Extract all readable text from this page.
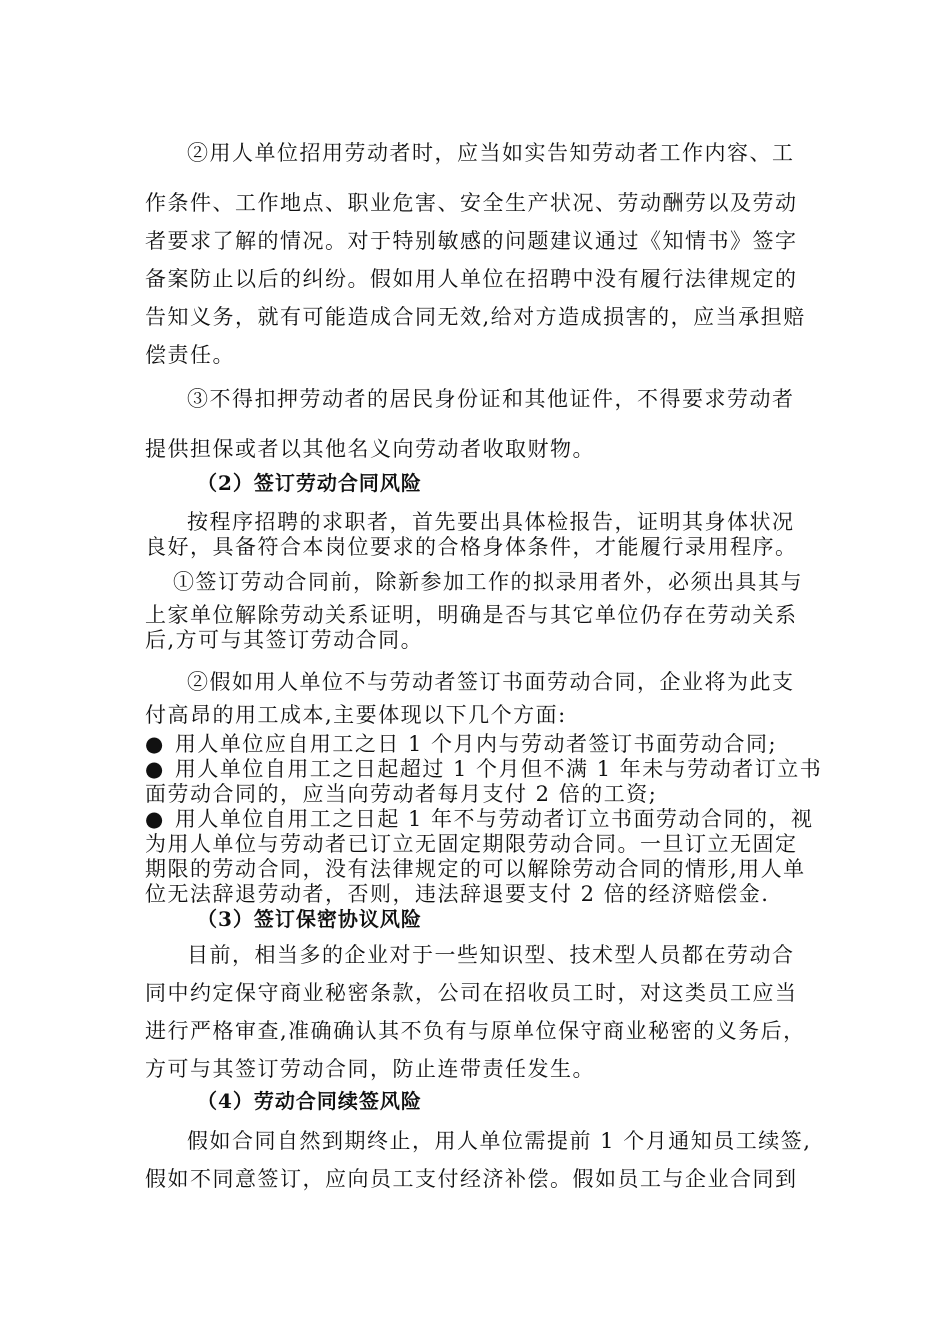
②用人单位招用劳动者时，应当如实告知劳动者工作内容、工
作条件、工作地点、职业危害、安全生产状况、劳动酬劳以及劳动
者要求了解的情况。对于特别敏感的问题建议通过《知情书》签字
备案防止以后的纠纷。假如用人单位在招聘中没有履行法律规定的
告知义务，就有可能造成合同无效,给对方造成损害的，应当承担赔
偿责任。
③不得扣押劳动者的居民身份证和其他证件，不得要求劳动者
提供担保或者以其他名义向劳动者收取财物。
（2）签订劳动合同风险
按程序招聘的求职者，首先要出具体检报告，证明其身体状况
良好，具备符合本岗位要求的合格身体条件，才能履行录用程序。
①签订劳动合同前，除新参加工作的拟录用者外，必须出具其与
上家单位解除劳动关系证明，明确是否与其它单位仍存在劳动关系
后,方可与其签订劳动合同。
②假如用人单位不与劳动者签订书面劳动合同，企业将为此支
付高昂的用工成本,主要体现以下几个方面:
● 用人单位应自用工之日 1 个月内与劳动者签订书面劳动合同;
● 用人单位自用工之日起超过 1 个月但不满 1 年未与劳动者订立书
面劳动合同的，应当向劳动者每月支付 2 倍的工资;
● 用人单位自用工之日起 1 年不与劳动者订立书面劳动合同的，视
为用人单位与劳动者已订立无固定期限劳动合同。一旦订立无固定
期限的劳动合同，没有法律规定的可以解除劳动合同的情形,用人单
位无法辞退劳动者，否则，违法辞退要支付 2 倍的经济赔偿金.
（3）签订保密协议风险
目前，相当多的企业对于一些知识型、技术型人员都在劳动合
同中约定保守商业秘密条款，公司在招收员工时，对这类员工应当
进行严格审查,准确确认其不负有与原单位保守商业秘密的义务后，
方可与其签订劳动合同，防止连带责任发生。
（4）劳动合同续签风险
假如合同自然到期终止，用人单位需提前 1 个月通知员工续签,
假如不同意签订，应向员工支付经济补偿。假如员工与企业合同到
